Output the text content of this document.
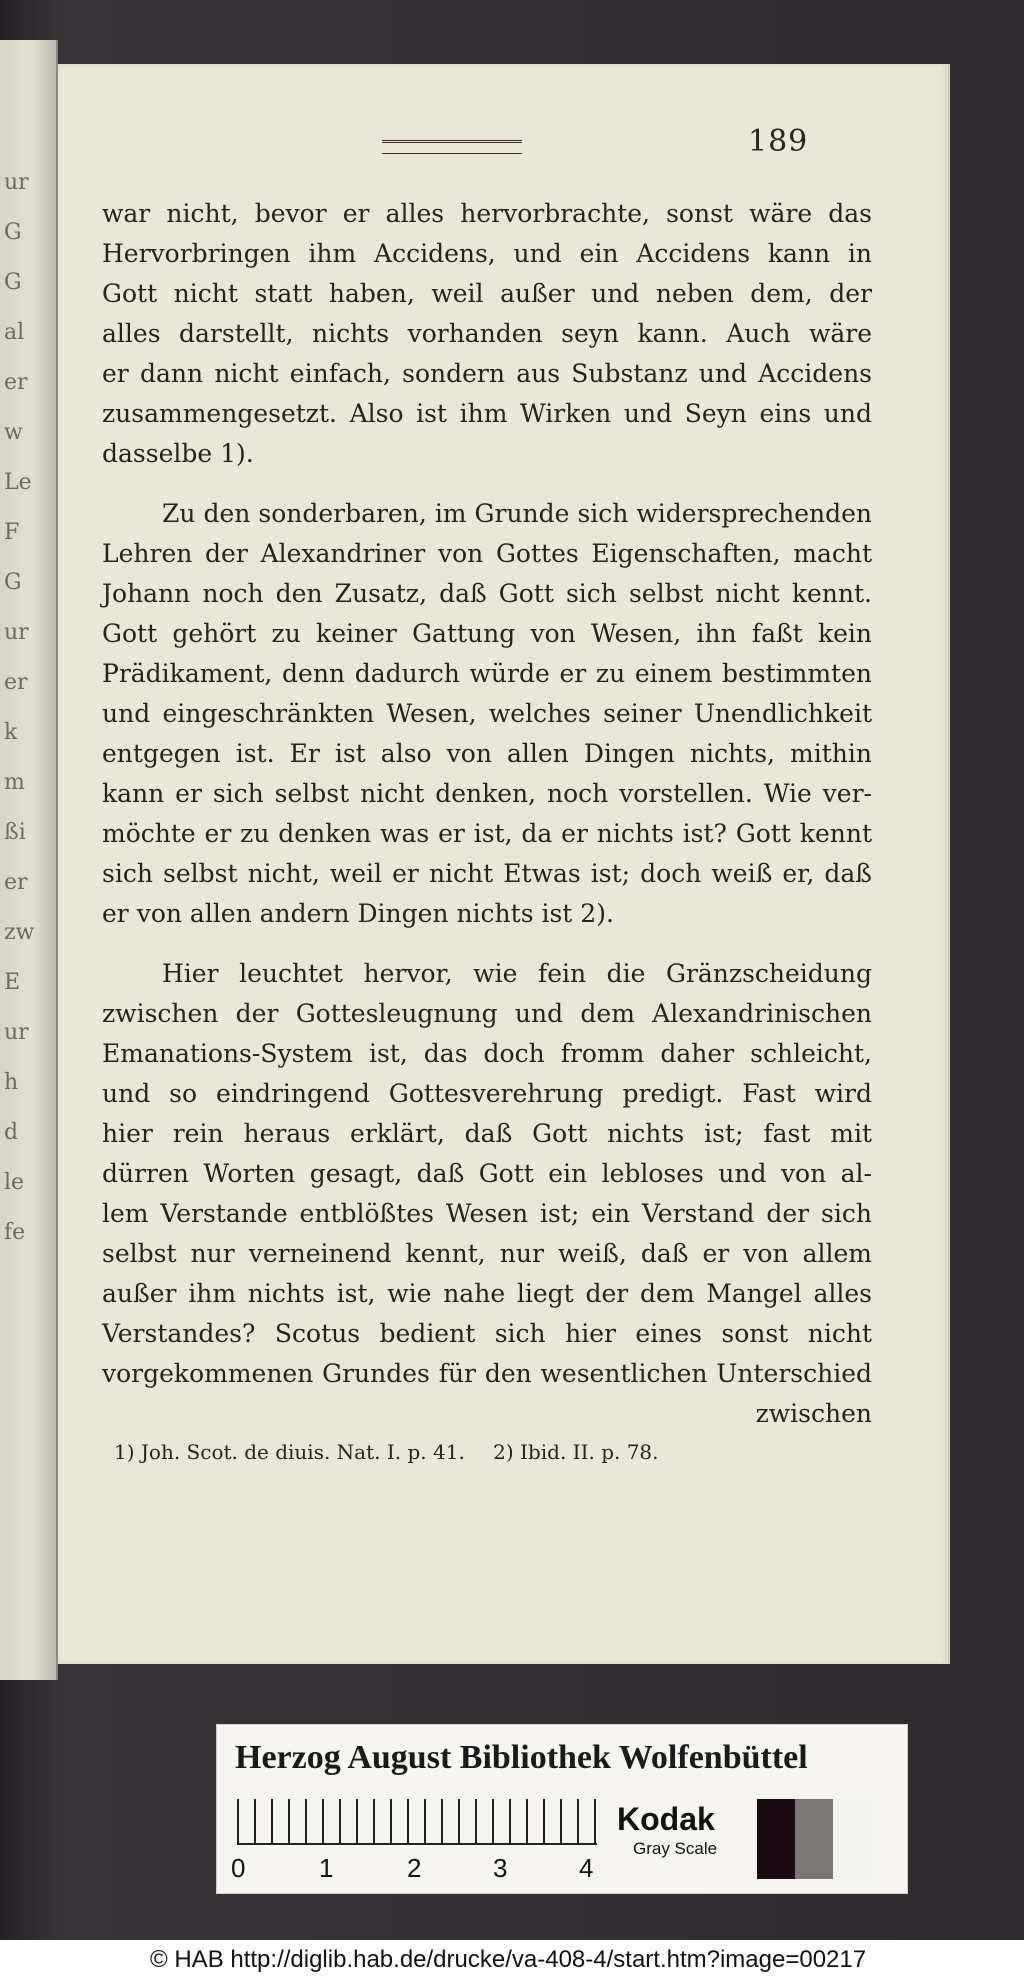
ur
G
G
al
er
w
Le
F
G
ur
er
k
m
ßi
er
zw
E
ur
h
d
le
fe
189
war nicht, bevor er alles hervorbrachte, sonst wäre das
Hervorbringen ihm Accidens, und ein Accidens kann in
Gott nicht statt haben, weil außer und neben dem, der
alles darstellt, nichts vorhanden seyn kann. Auch wäre
er dann nicht einfach, sondern aus Substanz und Accidens
zusammengesetzt. Also ist ihm Wirken und Seyn eins und
dasselbe 1).
Zu den sonderbaren, im Grunde sich widersprechenden
Lehren der Alexandriner von Gottes Eigenschaften, macht
Johann noch den Zusatz, daß Gott sich selbst nicht kennt.
Gott gehört zu keiner Gattung von Wesen, ihn faßt kein
Prädikament, denn dadurch würde er zu einem bestimmten
und eingeschränkten Wesen, welches seiner Unendlichkeit
entgegen ist. Er ist also von allen Dingen nichts, mithin
kann er sich selbst nicht denken, noch vorstellen. Wie ver-
möchte er zu denken was er ist, da er nichts ist? Gott kennt
sich selbst nicht, weil er nicht Etwas ist; doch weiß er, daß
er von allen andern Dingen nichts ist 2).
Hier leuchtet hervor, wie fein die Gränzscheidung
zwischen der Gottesleugnung und dem Alexandrinischen
Emanations-System ist, das doch fromm daher schleicht,
und so eindringend Gottesverehrung predigt. Fast wird
hier rein heraus erklärt, daß Gott nichts ist; fast mit
dürren Worten gesagt, daß Gott ein lebloses und von al-
lem Verstande entblößtes Wesen ist; ein Verstand der sich
selbst nur verneinend kennt, nur weiß, daß er von allem
außer ihm nichts ist, wie nahe liegt der dem Mangel alles
Verstandes? Scotus bedient sich hier eines sonst nicht
vorgekommenen Grundes für den wesentlichen Unterschied
zwischen
1) Joh. Scot. de diuis. Nat. I. p. 41. 2) Ibid. II. p. 78.
Herzog August Bibliothek Wolfenbüttel
0	1	2	3	4
Kodak
Gray Scale
© HAB http://diglib.hab.de/drucke/va-408-4/start.htm?image=00217
